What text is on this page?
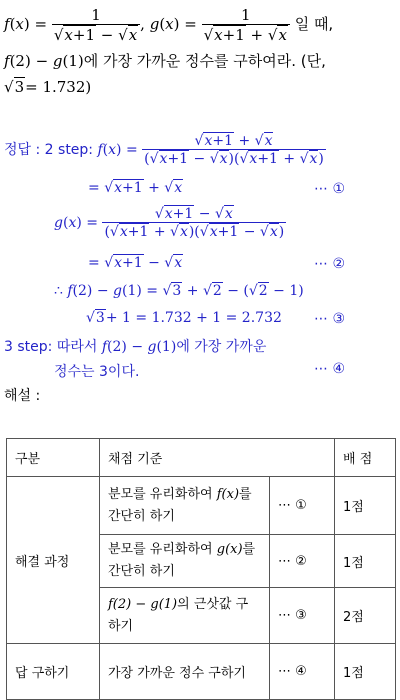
$f(x) = \frac{1}{√x+1 - √x}$ , $g(x) = \frac{1}{√x+1 + √x}$ 일 때,
f(2) − g(1)에 가장 가까운 정수를 구하여라. (단,
√3= 1.732)
정답 : 2 step: $f(x) = \frac{√x+1 + √x}{(√x+1 - √x)(√x+1 + √x)}$
= √x+1 + √x	⋯ ①
$g(x) = \frac{√x+1 - √x}{(√x+1 + √x)(√x+1 - √x)}$
= √x+1 − √x	⋯ ②
∴ f(2) − g(1) = √3 + √2 − (√2 − 1)
√3+ 1 = 1.732 + 1 = 2.732 ⋯ ③
3 step: 따라서 f(2) − g(1)에 가장 가까운
정수는 3이다.	⋯ ④
해설 :
구분	채점 기준		배 점
해결 과정	분모를 유리화하여 f(x)를
간단히 하기	⋯ ①	1점
	분모를 유리화하여 g(x)를
간단히 하기	⋯ ②	1점
	f(2) − g(1)의 근삿값 구
하기	⋯ ③	2점
답 구하기	가장 가까운 정수 구하기	⋯ ④	1점
